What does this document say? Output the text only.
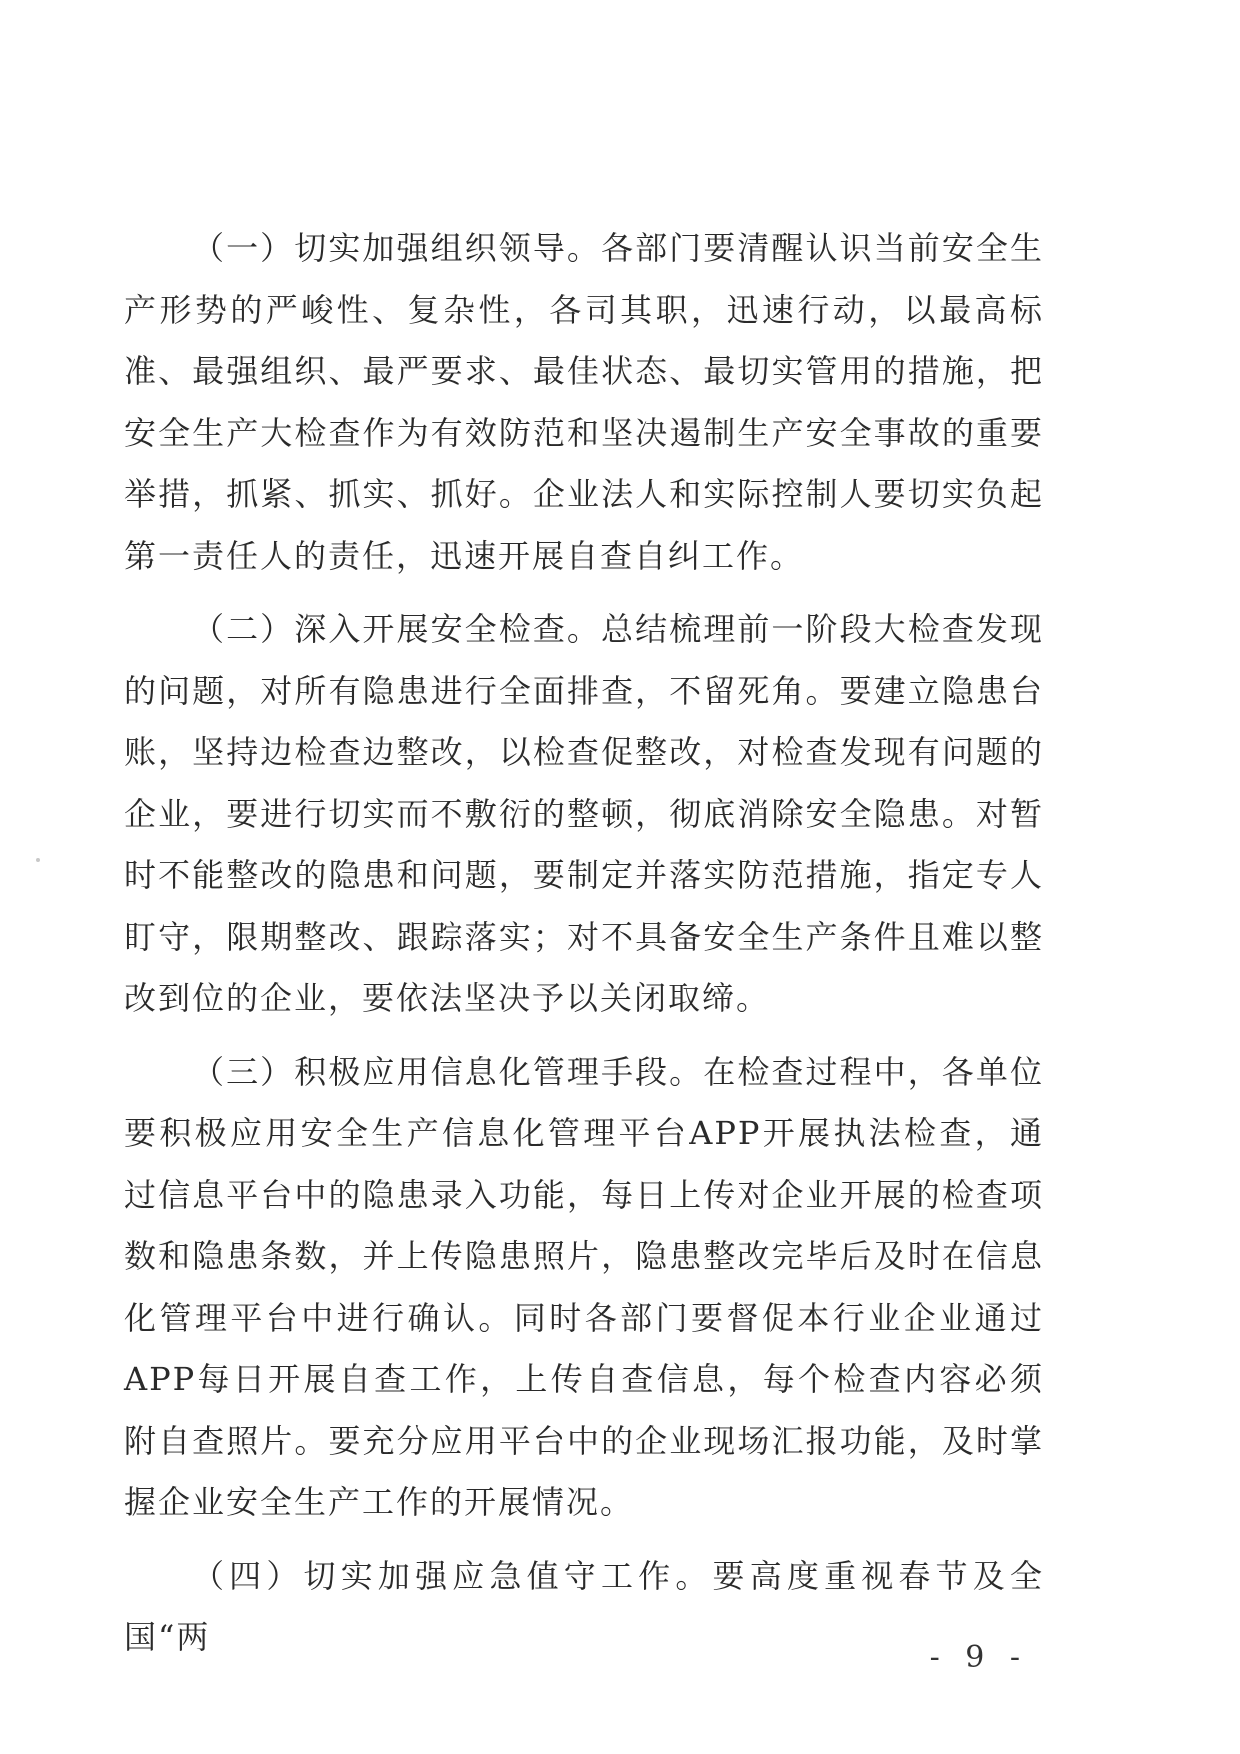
（一）切实加强组织领导。各部门要清醒认识当前安全生产形势的严峻性、复杂性，各司其职，迅速行动，以最高标准、最强组织、最严要求、最佳状态、最切实管用的措施，把安全生产大检查作为有效防范和坚决遏制生产安全事故的重要举措，抓紧、抓实、抓好。企业法人和实际控制人要切实负起第一责任人的责任，迅速开展自查自纠工作。

（二）深入开展安全检查。总结梳理前一阶段大检查发现的问题，对所有隐患进行全面排查，不留死角。要建立隐患台账，坚持边检查边整改，以检查促整改，对检查发现有问题的企业，要进行切实而不敷衍的整顿，彻底消除安全隐患。对暂时不能整改的隐患和问题，要制定并落实防范措施，指定专人盯守，限期整改、跟踪落实；对不具备安全生产条件且难以整改到位的企业，要依法坚决予以关闭取缔。

（三）积极应用信息化管理手段。在检查过程中，各单位要积极应用安全生产信息化管理平台APP开展执法检查，通过信息平台中的隐患录入功能，每日上传对企业开展的检查项数和隐患条数，并上传隐患照片，隐患整改完毕后及时在信息化管理平台中进行确认。同时各部门要督促本行业企业通过APP每日开展自查工作，上传自查信息，每个检查内容必须附自查照片。要充分应用平台中的企业现场汇报功能，及时掌握企业安全生产工作的开展情况。

（四）切实加强应急值守工作。要高度重视春节及全国“两

- 9 -
